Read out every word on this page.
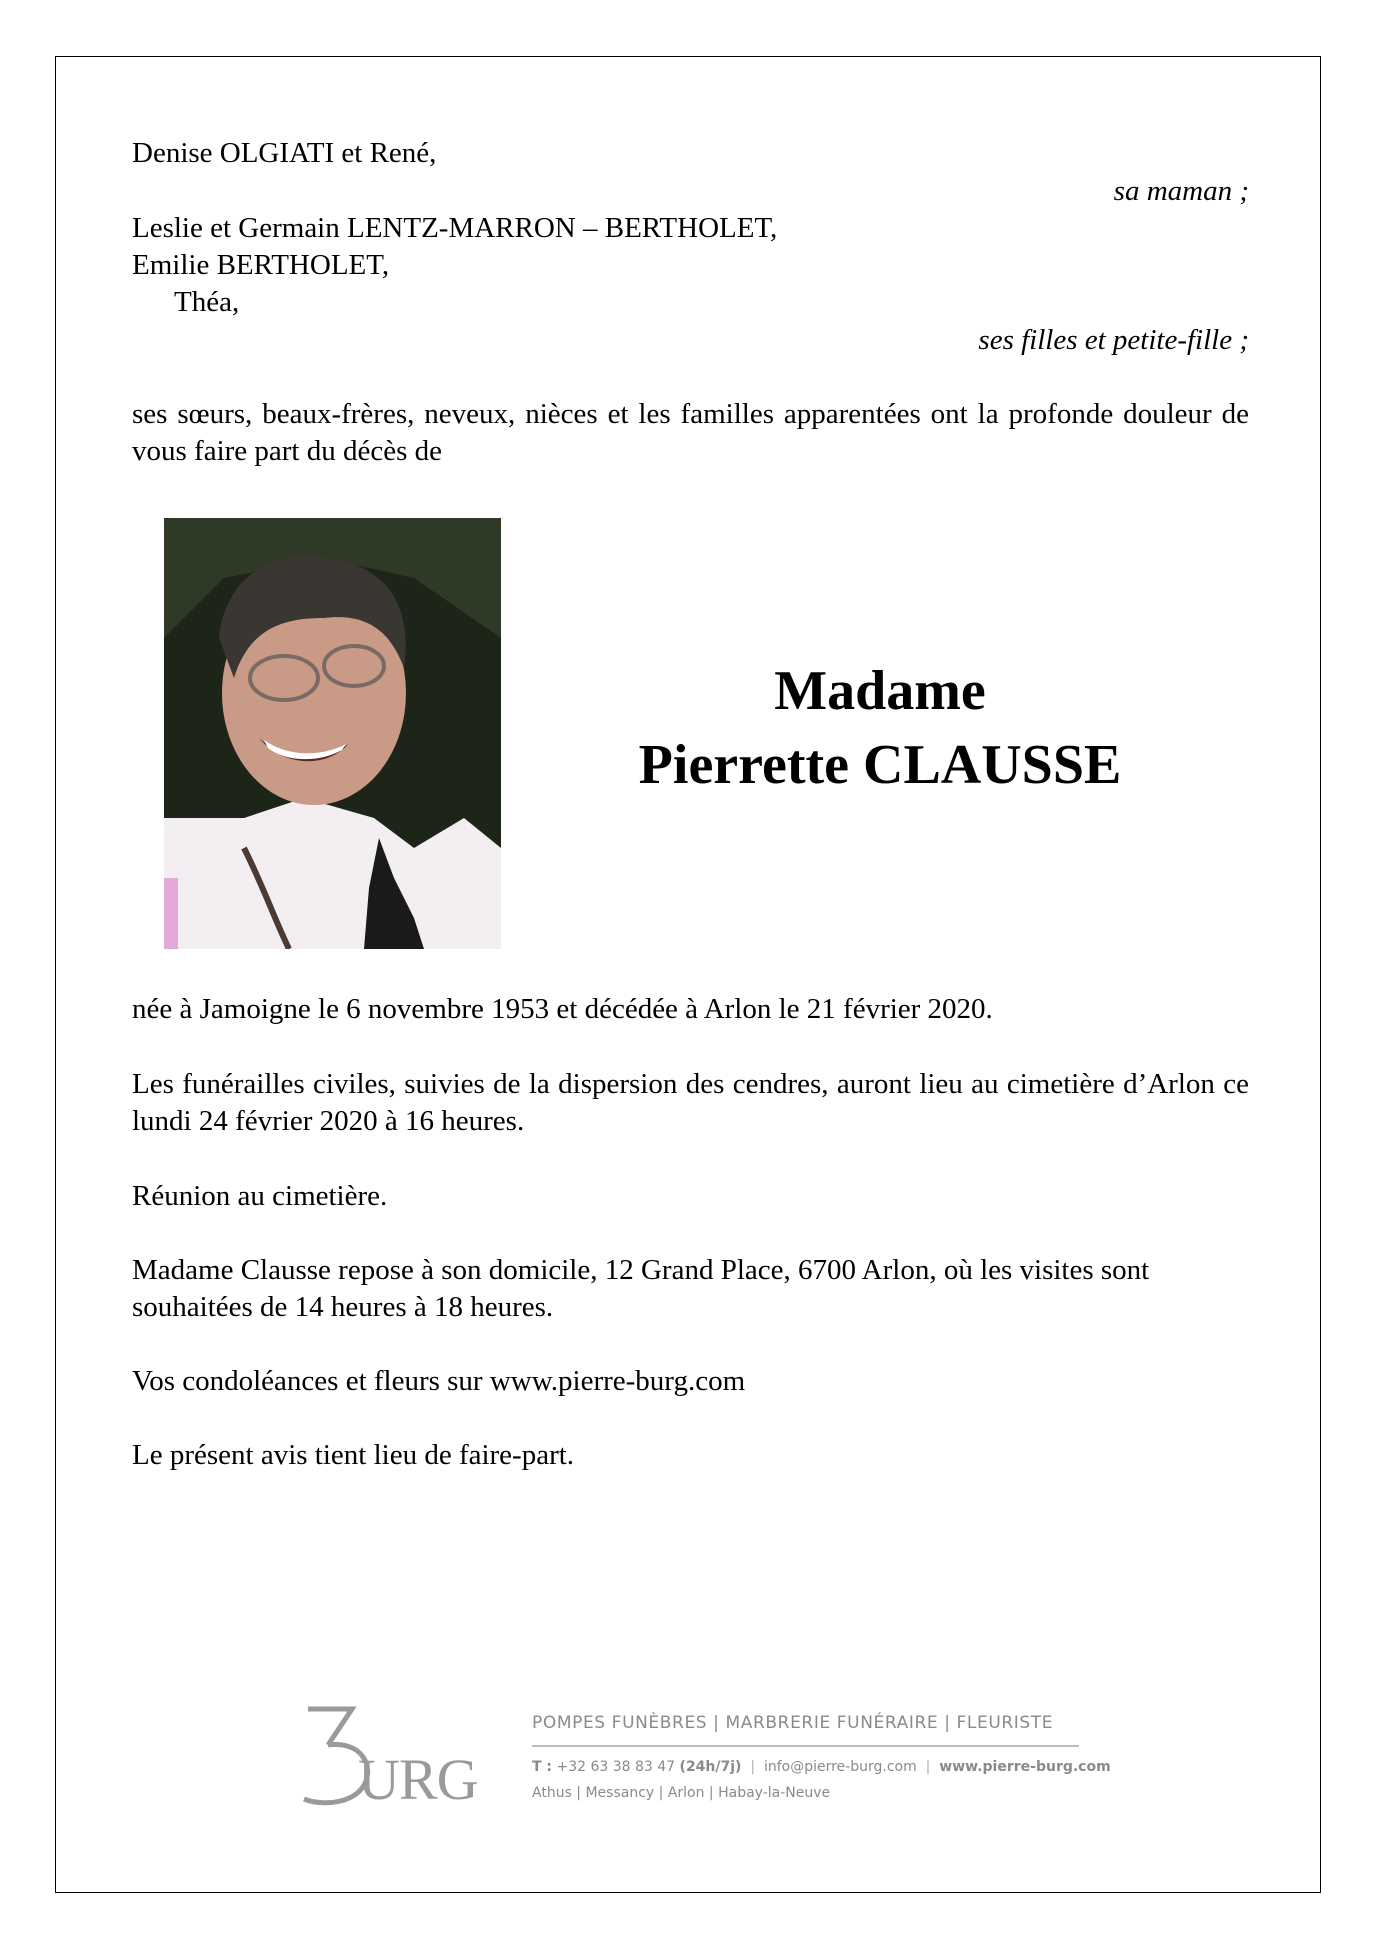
Denise OLGIATI et René,
sa maman ;
Leslie et Germain LENTZ-MARRON – BERTHOLET,
Emilie BERTHOLET,
Théa,
ses filles et petite-fille ;
ses sœurs, beaux-frères, neveux, nièces et les familles apparentées ont la profonde douleur de vous faire part du décès de
Madame
Pierrette CLAUSSE
née à Jamoigne le 6 novembre 1953 et décédée à Arlon le 21 février 2020.
Les funérailles civiles, suivies de la dispersion des cendres, auront lieu au cimetière d’Arlon ce lundi 24 février 2020 à 16 heures.
Réunion au cimetière.
Madame Clausse repose à son domicile, 12 Grand Place, 6700 Arlon, où les visites sont souhaitées de 14 heures à 18 heures.
Vos condoléances et fleurs sur www.pierre-burg.com
Le présent avis tient lieu de faire-part.
URG
POMPES FUNÈBRES | MARBRERIE FUNÉRAIRE | FLEURISTE
T : +32 63 38 83 47 (24h/7j)  |  info@pierre-burg.com  |  www.pierre-burg.com
Athus | Messancy | Arlon | Habay-la-Neuve
